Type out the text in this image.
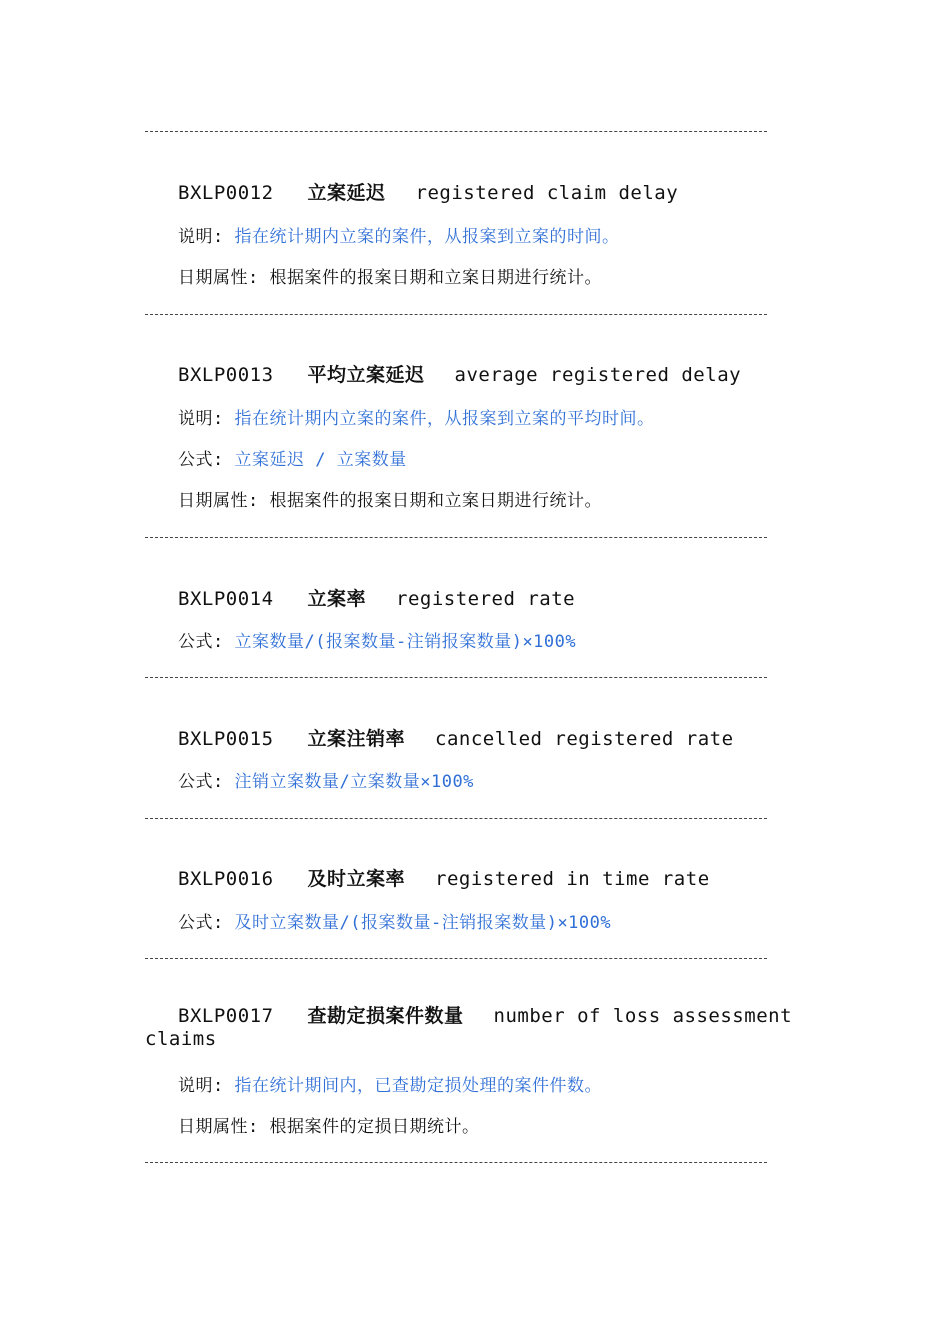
BXLP0012 立案延迟 registered claim delay
说明: 指在统计期内立案的案件，从报案到立案的时间。
日期属性: 根据案件的报案日期和立案日期进行统计。
BXLP0013 平均立案延迟 average registered delay
说明: 指在统计期内立案的案件，从报案到立案的平均时间。
公式: 立案延迟 / 立案数量
日期属性: 根据案件的报案日期和立案日期进行统计。
BXLP0014 立案率 registered rate
公式: 立案数量/(报案数量-注销报案数量)×100%
BXLP0015 立案注销率 cancelled registered rate
公式: 注销立案数量/立案数量×100%
BXLP0016 及时立案率 registered in time rate
公式: 及时立案数量/(报案数量-注销报案数量)×100%
BXLP0017 查勘定损案件数量 number of loss assessment claims
说明: 指在统计期间内，已查勘定损处理的案件件数。
日期属性: 根据案件的定损日期统计。
